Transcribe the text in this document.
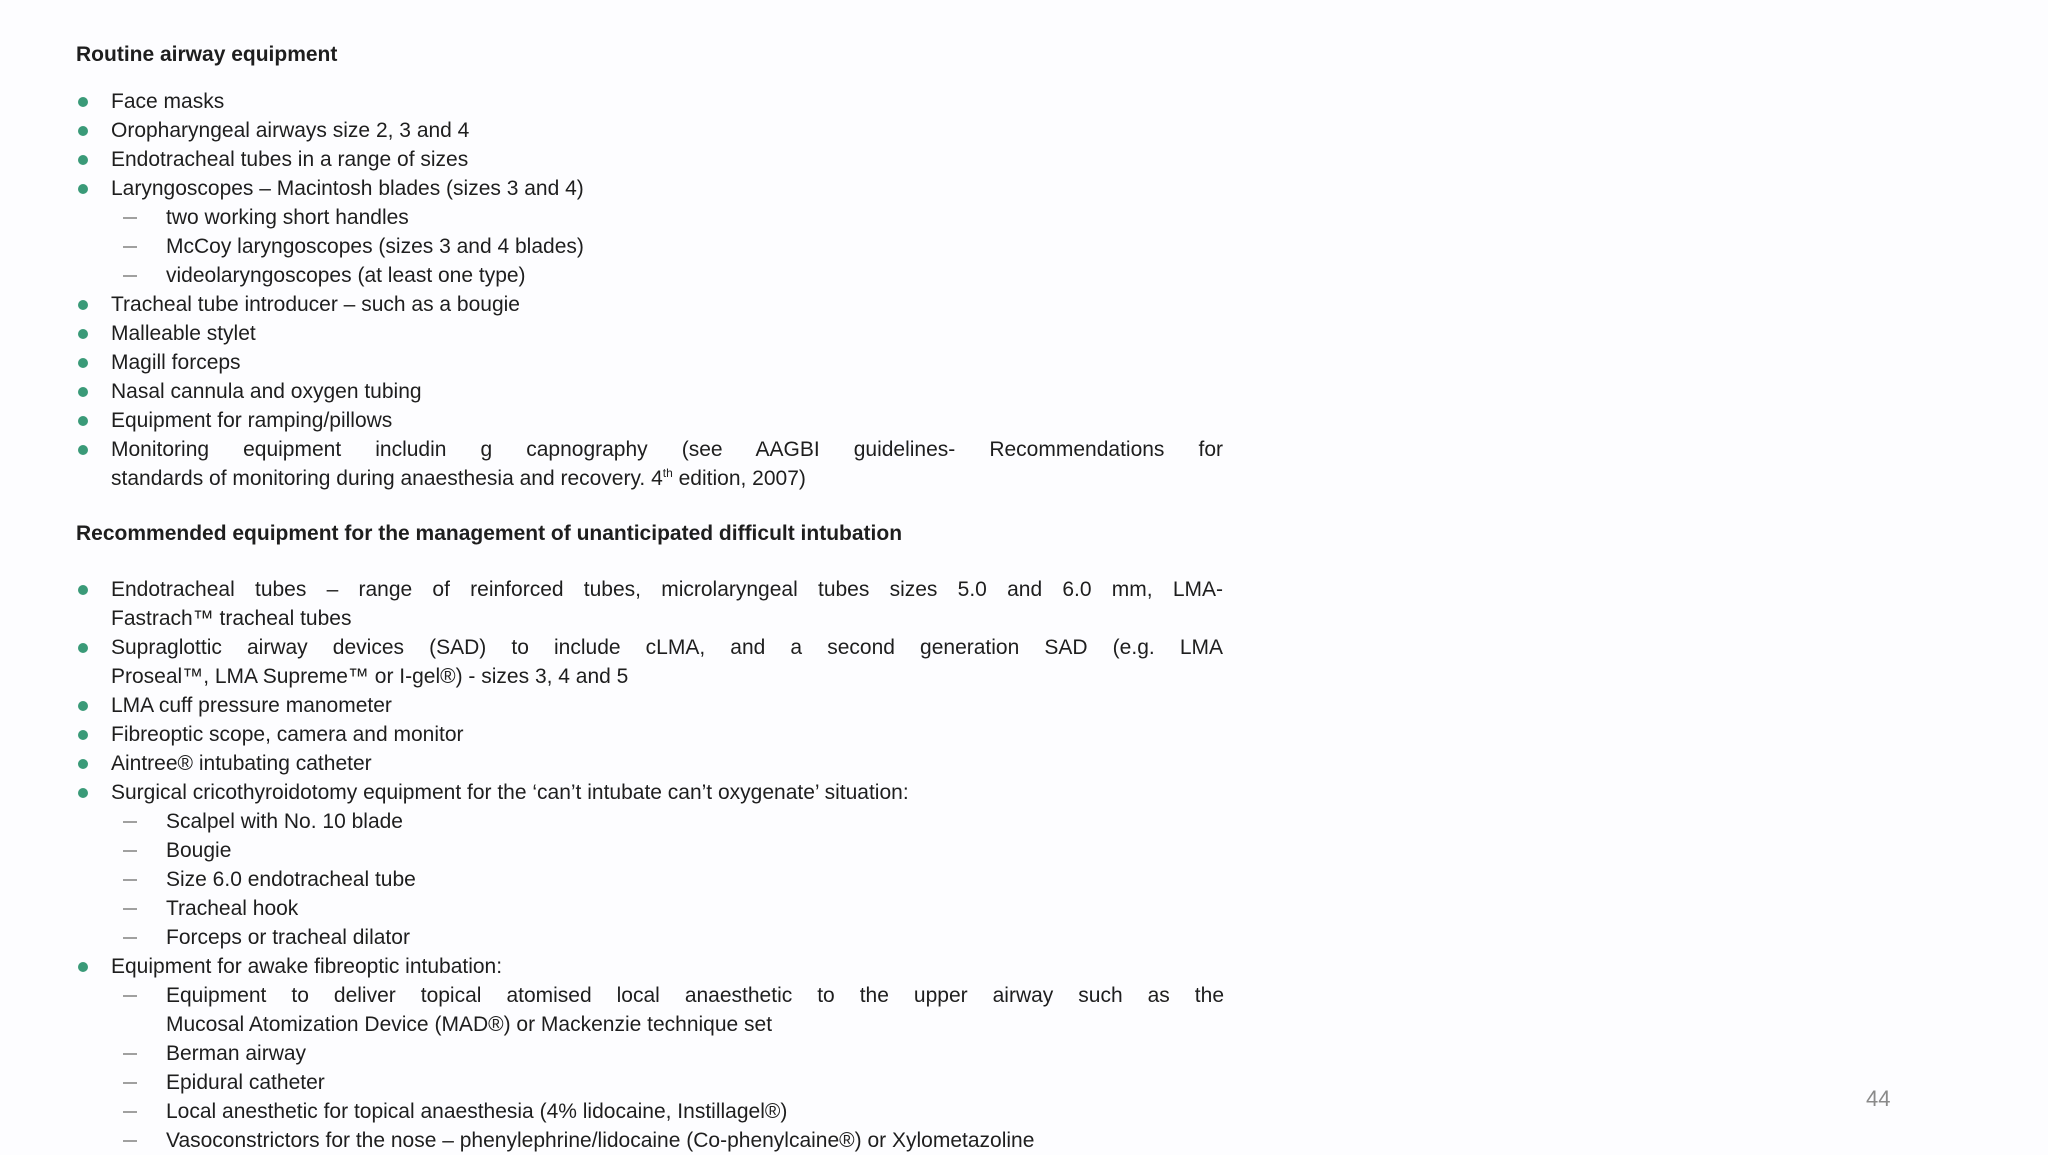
Routine airway equipment
Face masks
Oropharyngeal airways size 2, 3 and 4
Endotracheal tubes in a range of sizes
Laryngoscopes – Macintosh blades (sizes 3 and 4)
two working short handles
McCoy laryngoscopes (sizes 3 and 4 blades)
videolaryngoscopes (at least one type)
Tracheal tube introducer – such as a bougie
Malleable stylet
Magill forceps
Nasal cannula and oxygen tubing
Equipment for ramping/pillows
Monitoring equipment includin g capnography (see AAGBI guidelines- Recommendations for
standards of monitoring during anaesthesia and recovery. 4th edition, 2007)
Recommended equipment for the management of unanticipated difficult intubation
Endotracheal tubes – range of reinforced tubes, microlaryngeal tubes sizes 5.0 and 6.0 mm, LMA-
Fastrach™ tracheal tubes
Supraglottic airway devices (SAD) to include cLMA, and a second generation SAD (e.g. LMA
Proseal™, LMA Supreme™ or I-gel®) - sizes 3, 4 and 5
LMA cuff pressure manometer
Fibreoptic scope, camera and monitor
Aintree® intubating catheter
Surgical cricothyroidotomy equipment for the ‘can’t intubate can’t oxygenate’ situation:
Scalpel with No. 10 blade
Bougie
Size 6.0 endotracheal tube
Tracheal hook
Forceps or tracheal dilator
Equipment for awake fibreoptic intubation:
Equipment to deliver topical atomised local anaesthetic to the upper airway such as the
Mucosal Atomization Device (MAD®) or Mackenzie technique set
Berman airway
Epidural catheter
Local anesthetic for topical anaesthesia (4% lidocaine, Instillagel®)
Vasoconstrictors for the nose – phenylephrine/lidocaine (Co-phenylcaine®) or Xylometazoline
44
